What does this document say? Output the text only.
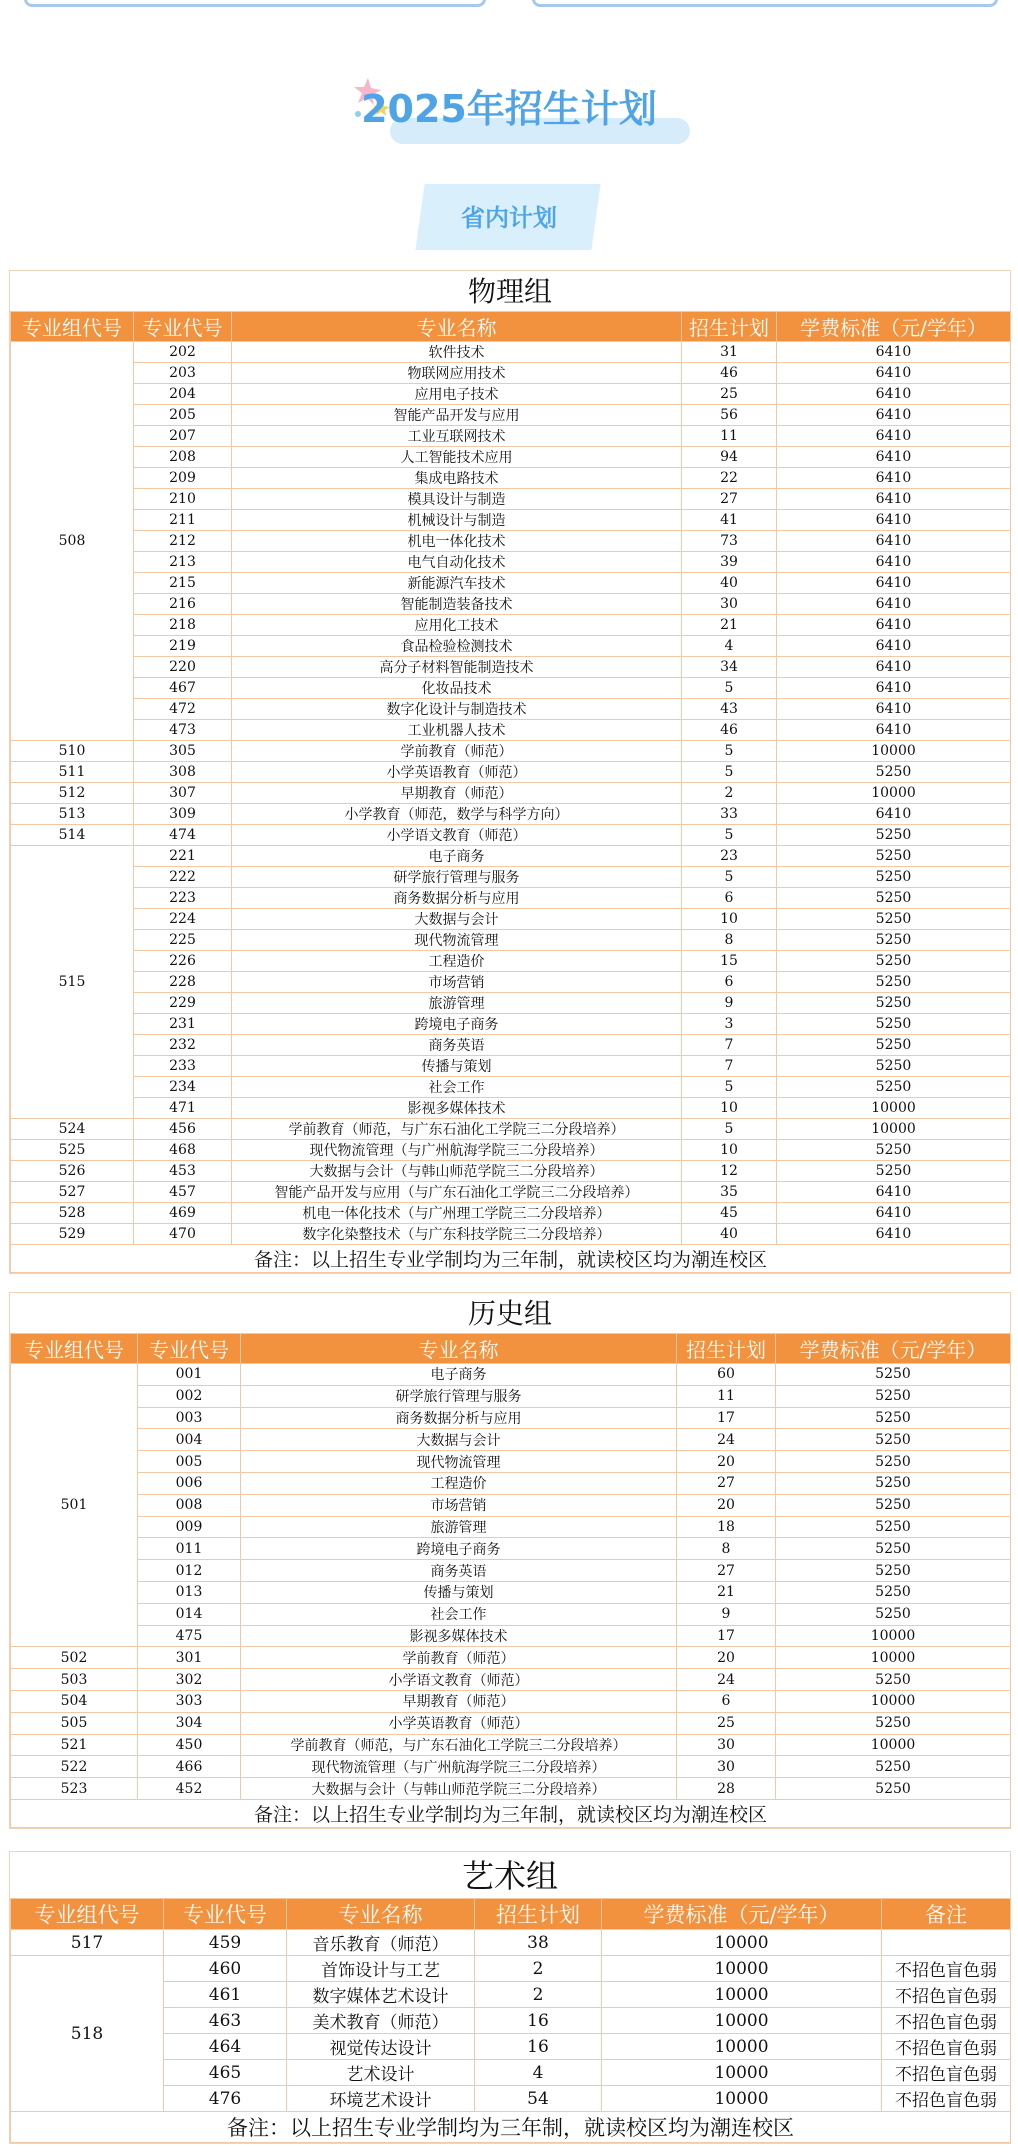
2025年招生计划
省内计划
物理组
专业组代号	专业代号	专业名称	招生计划	学费标准（元/学年）
508	202	软件技术	31	6410
	203	物联网应用技术	46	6410
	204	应用电子技术	25	6410
	205	智能产品开发与应用	56	6410
	207	工业互联网技术	11	6410
	208	人工智能技术应用	94	6410
	209	集成电路技术	22	6410
	210	模具设计与制造	27	6410
	211	机械设计与制造	41	6410
	212	机电一体化技术	73	6410
	213	电气自动化技术	39	6410
	215	新能源汽车技术	40	6410
	216	智能制造装备技术	30	6410
	218	应用化工技术	21	6410
	219	食品检验检测技术	4	6410
	220	高分子材料智能制造技术	34	6410
	467	化妆品技术	5	6410
	472	数字化设计与制造技术	43	6410
	473	工业机器人技术	46	6410
510	305	学前教育（师范）	5	10000
511	308	小学英语教育（师范）	5	5250
512	307	早期教育（师范）	2	10000
513	309	小学教育（师范，数学与科学方向）	33	6410
514	474	小学语文教育（师范）	5	5250
515	221	电子商务	23	5250
	222	研学旅行管理与服务	5	5250
	223	商务数据分析与应用	6	5250
	224	大数据与会计	10	5250
	225	现代物流管理	8	5250
	226	工程造价	15	5250
	228	市场营销	6	5250
	229	旅游管理	9	5250
	231	跨境电子商务	3	5250
	232	商务英语	7	5250
	233	传播与策划	7	5250
	234	社会工作	5	5250
	471	影视多媒体技术	10	10000
524	456	学前教育（师范，与广东石油化工学院三二分段培养）	5	10000
525	468	现代物流管理（与广州航海学院三二分段培养）	10	5250
526	453	大数据与会计（与韩山师范学院三二分段培养）	12	5250
527	457	智能产品开发与应用（与广东石油化工学院三二分段培养）	35	6410
528	469	机电一体化技术（与广州理工学院三二分段培养）	45	6410
529	470	数字化染整技术（与广东科技学院三二分段培养）	40	6410
备注：以上招生专业学制均为三年制，就读校区均为潮连校区				
历史组
专业组代号	专业代号	专业名称	招生计划	学费标准（元/学年）
501	001	电子商务	60	5250
	002	研学旅行管理与服务	11	5250
	003	商务数据分析与应用	17	5250
	004	大数据与会计	24	5250
	005	现代物流管理	20	5250
	006	工程造价	27	5250
	008	市场营销	20	5250
	009	旅游管理	18	5250
	011	跨境电子商务	8	5250
	012	商务英语	27	5250
	013	传播与策划	21	5250
	014	社会工作	9	5250
	475	影视多媒体技术	17	10000
502	301	学前教育（师范）	20	10000
503	302	小学语文教育（师范）	24	5250
504	303	早期教育（师范）	6	10000
505	304	小学英语教育（师范）	25	5250
521	450	学前教育（师范，与广东石油化工学院三二分段培养）	30	10000
522	466	现代物流管理（与广州航海学院三二分段培养）	30	5250
523	452	大数据与会计（与韩山师范学院三二分段培养）	28	5250
备注：以上招生专业学制均为三年制，就读校区均为潮连校区				
艺术组
专业组代号	专业代号	专业名称	招生计划	学费标准（元/学年）	备注
517	459	音乐教育（师范）	38	10000	
518	460	首饰设计与工艺	2	10000	不招色盲色弱
	461	数字媒体艺术设计	2	10000	不招色盲色弱
	463	美术教育（师范）	16	10000	不招色盲色弱
	464	视觉传达设计	16	10000	不招色盲色弱
	465	艺术设计	4	10000	不招色盲色弱
	476	环境艺术设计	54	10000	不招色盲色弱
备注：以上招生专业学制均为三年制，就读校区均为潮连校区					
